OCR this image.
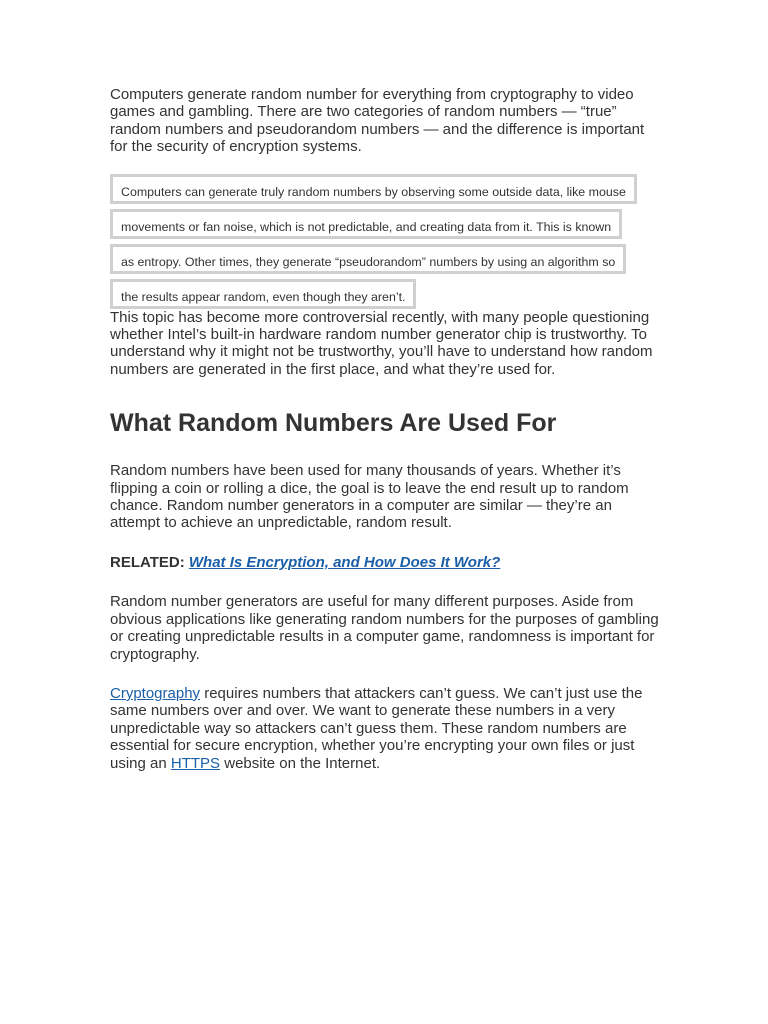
Computers generate random number for everything from cryptography to video games and gambling. There are two categories of random numbers — “true” random numbers and pseudorandom numbers — and the difference is important for the security of encryption systems.

Computers can generate truly random numbers by observing some outside data, like mouse
movements or fan noise, which is not predictable, and creating data from it. This is known
as entropy. Other times, they generate “pseudorandom” numbers by using an algorithm so
the results appear random, even though they aren’t.

This topic has become more controversial recently, with many people questioning whether Intel’s built-in hardware random number generator chip is trustworthy. To understand why it might not be trustworthy, you’ll have to understand how random numbers are generated in the first place, and what they’re used for.

What Random Numbers Are Used For

Random numbers have been used for many thousands of years. Whether it’s flipping a coin or rolling a dice, the goal is to leave the end result up to random chance. Random number generators in a computer are similar — they’re an attempt to achieve an unpredictable, random result.

RELATED: What Is Encryption, and How Does It Work?

Random number generators are useful for many different purposes. Aside from obvious applications like generating random numbers for the purposes of gambling or creating unpredictable results in a computer game, randomness is important for cryptography.

Cryptography requires numbers that attackers can’t guess. We can’t just use the same numbers over and over. We want to generate these numbers in a very unpredictable way so attackers can’t guess them. These random numbers are essential for secure encryption, whether you’re encrypting your own files or just using an HTTPS website on the Internet.
